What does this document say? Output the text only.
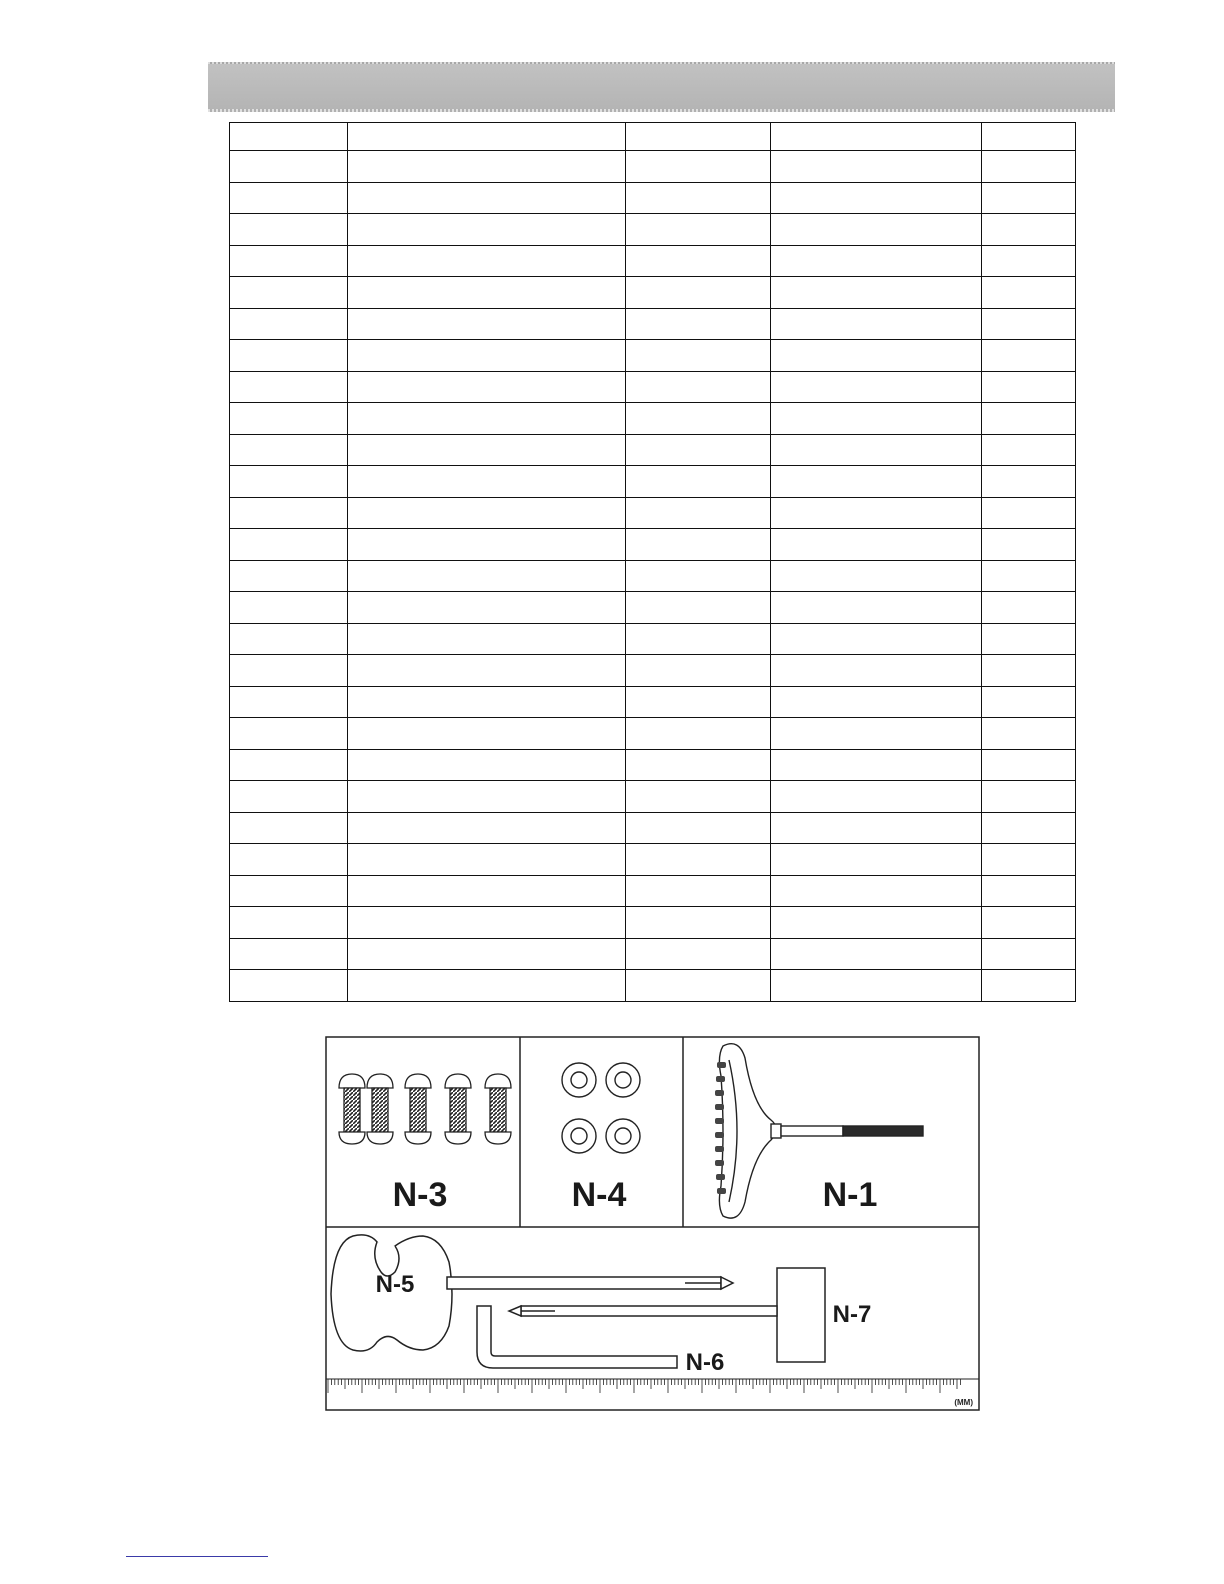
N-3	N-4	N-1
N-5
N-7
N-6
(MM)
